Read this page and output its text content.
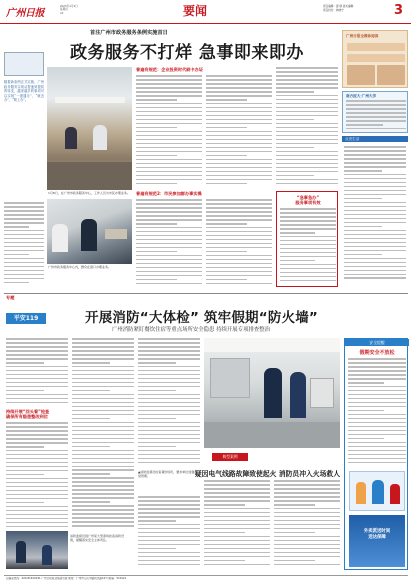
广州日报
2025年1月9日
星期四
A3	要闻	责任编辑：廖 棣 美术编辑：
责任校对：林晓宁	3
随着新条例正式实施，广州政务服务实现从提速到提质的转变，越来越多的事项可以实现“一窗通办”，“就近办”，“网上办”。
首注广州市政务服务条例实施首日
政务服务不打烊 急事即来即办
1月8日，在广州市政务服务中心，工作人员为市民办理业务。
广州市政务服务中心内，群众在窗口办理业务。
普遍有规范：企业投资时代刷卡办证
普遍有规范2：市民参加群办事实操
“急事急办”
服务事项有效
广州日报全媒体阅读
南方医大·广州大学
点亮生活
专题
平安119	开展消防“大体检” 筑牢假期“防火墙”
广州消防紧盯餐饮住宿等重点场所安全隐患 持续开展专项排查整治
持续开展“回头看”检查
确保所有隐患整改到位
消防监督员到广州某大型商场检查消防设施，提醒落实安全主体责任。
▲消防监督员检查餐饮场所，要求单位加强日常管理。
典型案例
疑因电气线路故障致使起火 消防员冲入火场救人
安全提醒
假期安全不放松
外卖派送时间
送达保障
总编室热线：020-81919191 广州日报报业集团出版 地址：广州市人民中路同乐路10号 邮编：510121
